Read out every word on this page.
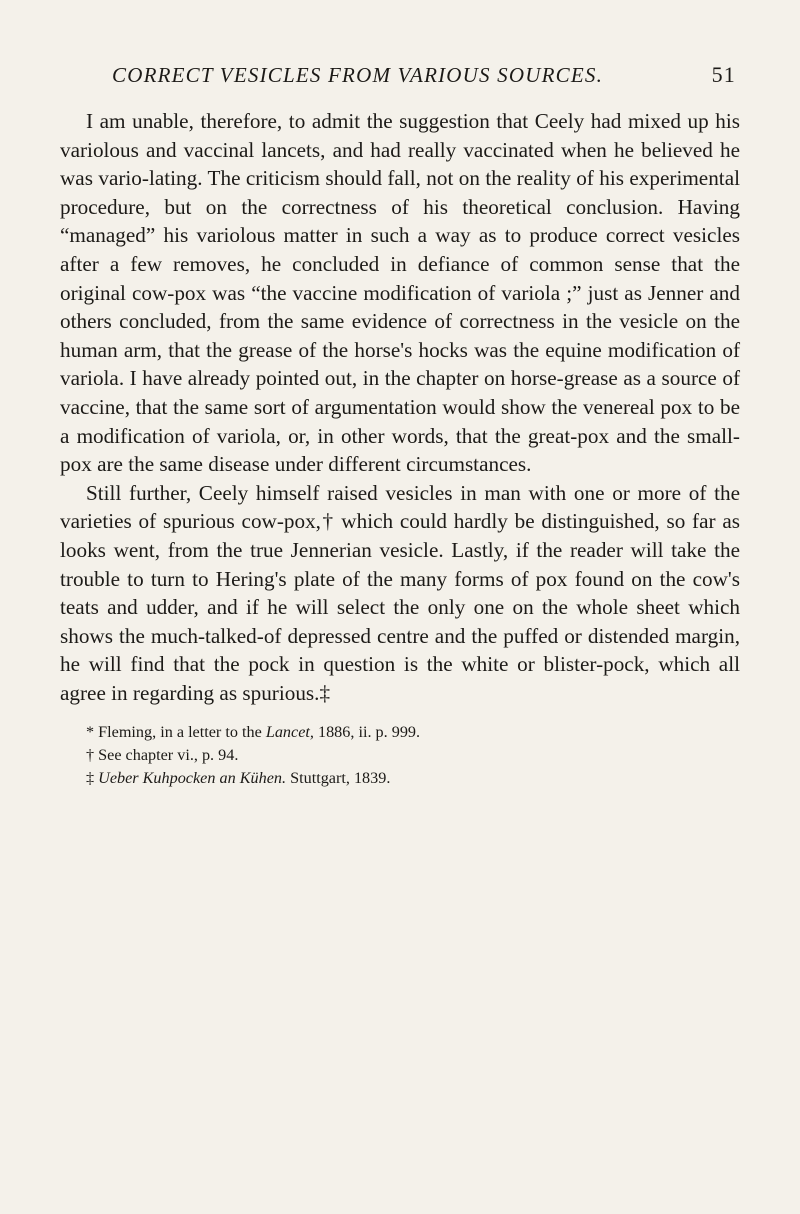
CORRECT VESICLES FROM VARIOUS SOURCES.	51

I am unable, therefore, to admit the suggestion that Ceely had mixed up his variolous and vaccinal lancets, and had really vaccinated when he believed he was vario-lating. The criticism should fall, not on the reality of his experimental procedure, but on the correctness of his theoretical conclusion. Having “managed” his variolous matter in such a way as to produce correct vesicles after a few removes, he concluded in defiance of common sense that the original cow-pox was “the vaccine modification of variola ;” just as Jenner and others concluded, from the same evidence of correctness in the vesicle on the human arm, that the grease of the horse's hocks was the equine modification of variola. I have already pointed out, in the chapter on horse-grease as a source of vaccine, that the same sort of argumentation would show the venereal pox to be a modification of variola, or, in other words, that the great-pox and the small-pox are the same disease under different circumstances.

Still further, Ceely himself raised vesicles in man with one or more of the varieties of spurious cow-pox,† which could hardly be distinguished, so far as looks went, from the true Jennerian vesicle. Lastly, if the reader will take the trouble to turn to Hering's plate of the many forms of pox found on the cow's teats and udder, and if he will select the only one on the whole sheet which shows the much-talked-of depressed centre and the puffed or distended margin, he will find that the pock in question is the white or blister-pock, which all agree in regarding as spurious.‡

* Fleming, in a letter to the Lancet, 1886, ii. p. 999.
† See chapter vi., p. 94.
‡ Ueber Kuhpocken an Kühen. Stuttgart, 1839.
